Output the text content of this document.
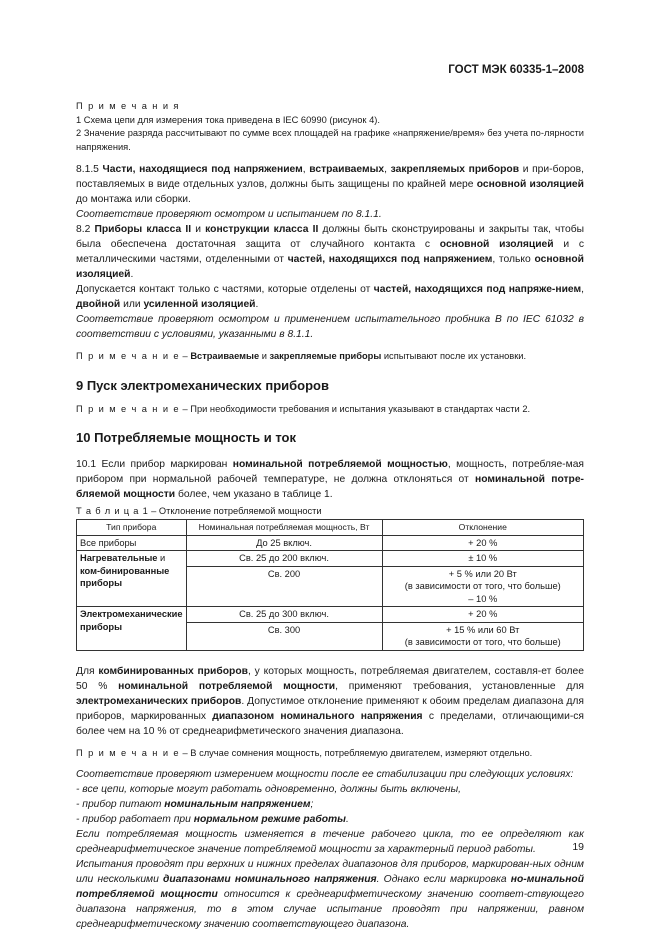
ГОСТ МЭК 60335-1–2008

П р и м е ч а н и я

1 Схема цепи для измерения тока приведена в IEC 60990 (рисунок 4).

2 Значение разряда рассчитывают по сумме всех площадей на графике «напряжение/время» без учета по-лярности напряжения.

8.1.5 Части, находящиеся под напряжением, встраиваемых, закрепляемых приборов и при-боров, поставляемых в виде отдельных узлов, должны быть защищены по крайней мере основной изоляцией до монтажа или сборки.

Соответствие проверяют осмотром и испытанием по 8.1.1.

8.2 Приборы класса II и конструкции класса II должны быть сконструированы и закрыты так, чтобы была обеспечена достаточная защита от случайного контакта с основной изоляцией и с металлическими частями, отделенными от частей, находящихся под напряжением, только основной изоляцией.

Допускается контакт только с частями, которые отделены от частей, находящихся под напряже-нием, двойной или усиленной изоляцией.

Соответствие проверяют осмотром и применением испытательного пробника В по IEC 61032 в соответствии с условиями, указанными в 8.1.1.

П р и м е ч а н и е – Встраиваемые и закрепляемые приборы испытывают после их установки.

9 Пуск электромеханических приборов

П р и м е ч а н и е – При необходимости требования и испытания указывают в стандартах части 2.

10 Потребляемые мощность и ток

10.1 Если прибор маркирован номинальной потребляемой мощностью, мощность, потребляе-мая прибором при нормальной рабочей температуре, не должна отклоняться от номинальной потре-бляемой мощности более, чем указано в таблице 1.

Т а б л и ц а 1 – Отклонение потребляемой мощности

Тип прибора	Номинальная потребляемая мощность, Вт	Отклонение
Все приборы	До 25 включ.	+ 20 %
Нагревательные и ком-бинированные приборы	Св. 25 до 200 включ.	± 10 %
	Св. 200	+ 5 % или 20 Вт
(в зависимости от того, что больше)
– 10 %

Электромеханические приборы	Св. 25 до 300 включ.	+ 20 %
	Св. 300	+ 15 % или 60 Вт
(в зависимости от того, что больше)

Для комбинированных приборов, у которых мощность, потребляемая двигателем, составля-ет более 50 % номинальной потребляемой мощности, применяют требования, установленные для электромеханических приборов. Допустимое отклонение применяют к обоим пределам диапазона для приборов, маркированных диапазоном номинального напряжения с пределами, отличающими-ся более чем на 10 % от среднеарифметического значения диапазона.

П р и м е ч а н и е – В случае сомнения мощность, потребляемую двигателем, измеряют отдельно.

Соответствие проверяют измерением мощности после ее стабилизации при следующих условиях:

- все цепи, которые могут работать одновременно, должны быть включены,

- прибор питают номинальным напряжением;

- прибор работает при нормальном режиме работы.

Если потребляемая мощность изменяется в течение рабочего цикла, то ее определяют как среднеарифметическое значение потребляемой мощности за характерный период работы.

Испытания проводят при верхних и нижних пределах диапазонов для приборов, маркирован-ных одним или несколькими диапазонами номинального напряжения. Однако если маркировка но-минальной потребляемой мощности относится к среднеарифметическому значению соответ-ствующего диапазона напряжения, то в этом случае испытание проводят при напряжении, равном среднеарифметическому значению соответствующего диапазона.

19
